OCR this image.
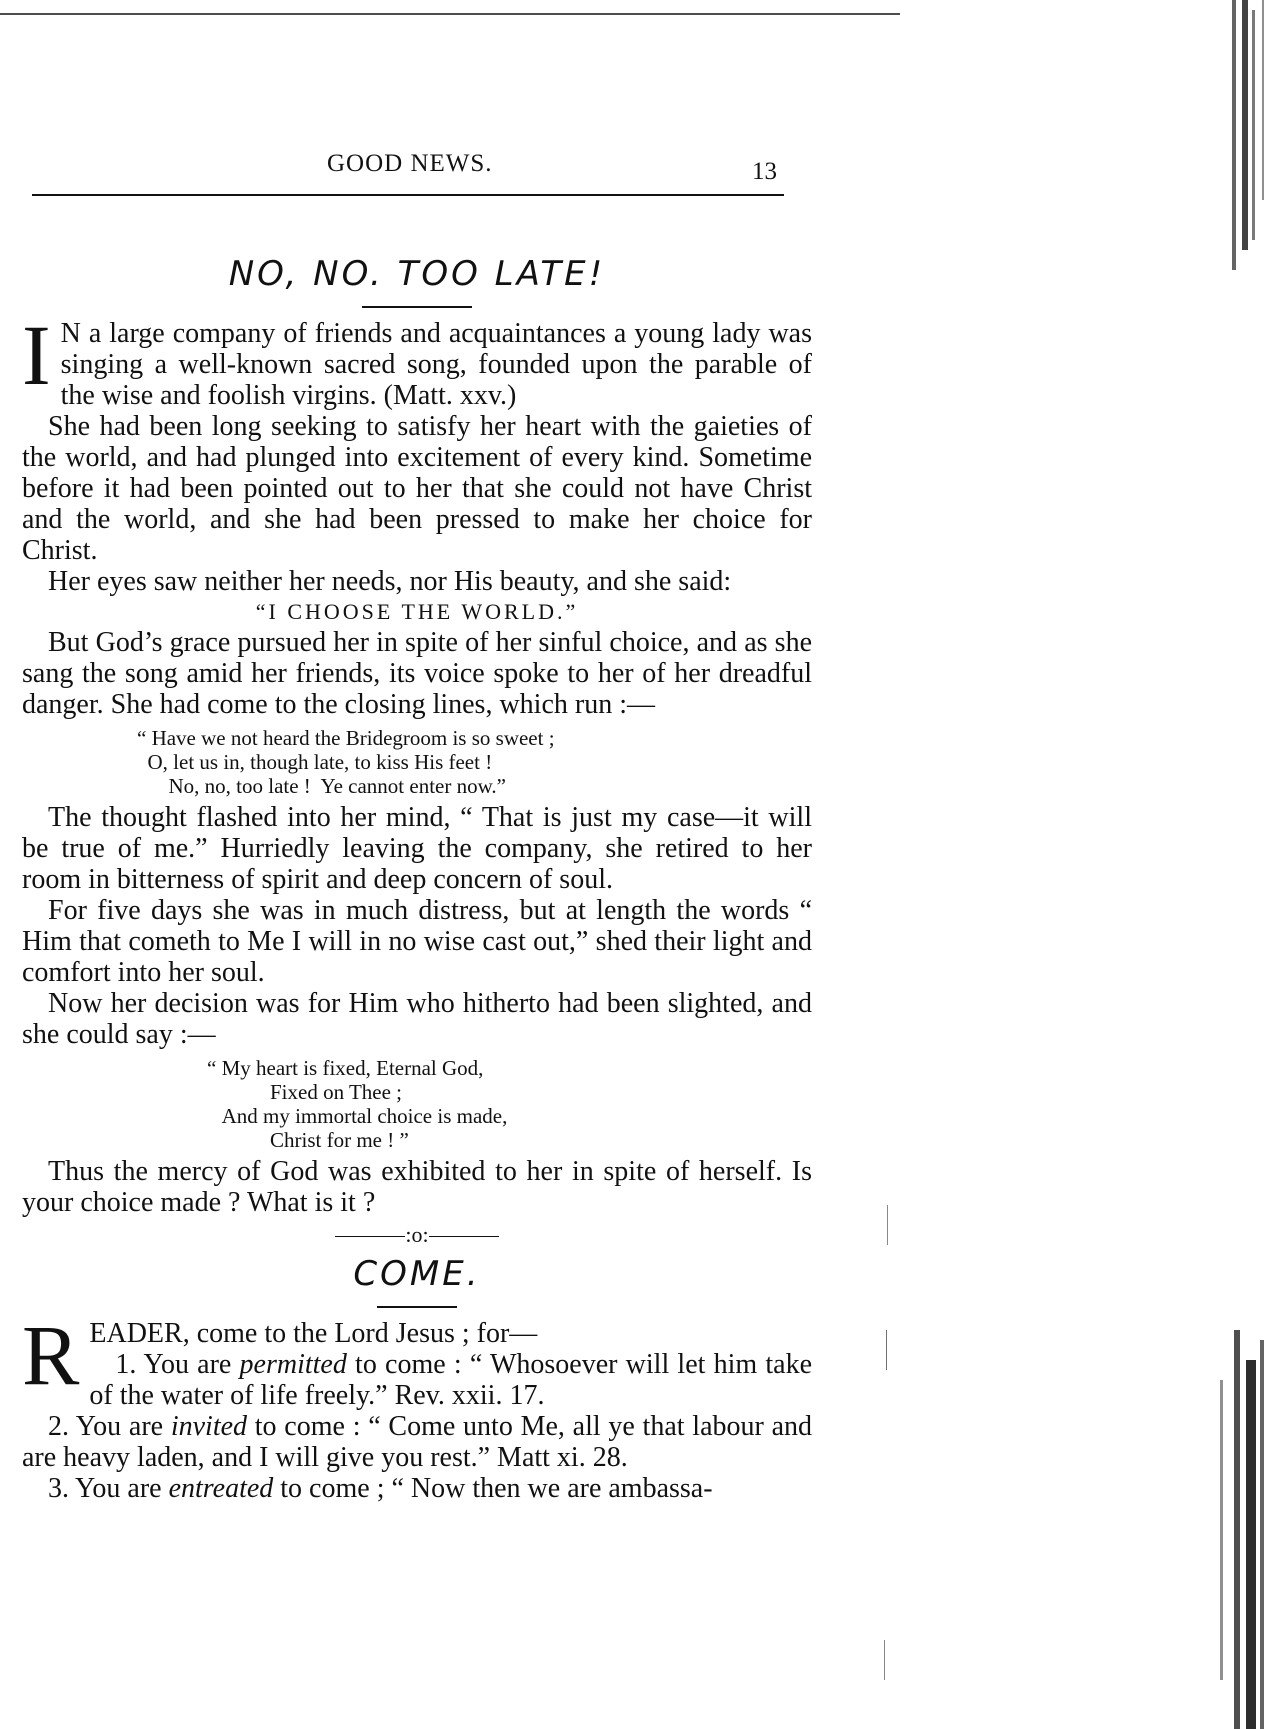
GOOD NEWS.	13
NO, NO. TOO LATE!

I N a large company of friends and acquaintances a young lady was singing a well-known sacred song, founded upon the parable of the wise and foolish virgins. (Matt. xxv.)

She had been long seeking to satisfy her heart with the gaieties of the world, and had plunged into excitement of every kind. Sometime before it had been pointed out to her that she could not have Christ and the world, and she had been pressed to make her choice for Christ.

Her eyes saw neither her needs, nor His beauty, and she said:

“I CHOOSE THE WORLD.”

But God’s grace pursued her in spite of her sinful choice, and as she sang the song amid her friends, its voice spoke to her of her dreadful danger. She had come to the closing lines, which run :—

“ Have we not heard the Bridegroom is so sweet ;
O, let us in, though late, to kiss His feet !
No, no, too late !  Ye cannot enter now.”

The thought flashed into her mind, “ That is just my case—it will be true of me.” Hurriedly leaving the company, she retired to her room in bitterness of spirit and deep concern of soul.

For five days she was in much distress, but at length the words “ Him that cometh to Me I will in no wise cast out,” shed their light and comfort into her soul.

Now her decision was for Him who hitherto had been slighted, and she could say :—

“ My heart is fixed, Eternal God,
Fixed on Thee ;
And my immortal choice is made,
Christ for me ! ”

Thus the mercy of God was exhibited to her in spite of herself. Is your choice made ? What is it ?

:o:
COME.

READER, come to the Lord Jesus ; for—

1. You are permitted to come : “ Whosoever will let him take of the water of life freely.” Rev. xxii. 17.

2. You are invited to come : “ Come unto Me, all ye that labour and are heavy laden, and I will give you rest.” Matt xi. 28.

3. You are entreated to come ; “ Now then we are ambassa-
